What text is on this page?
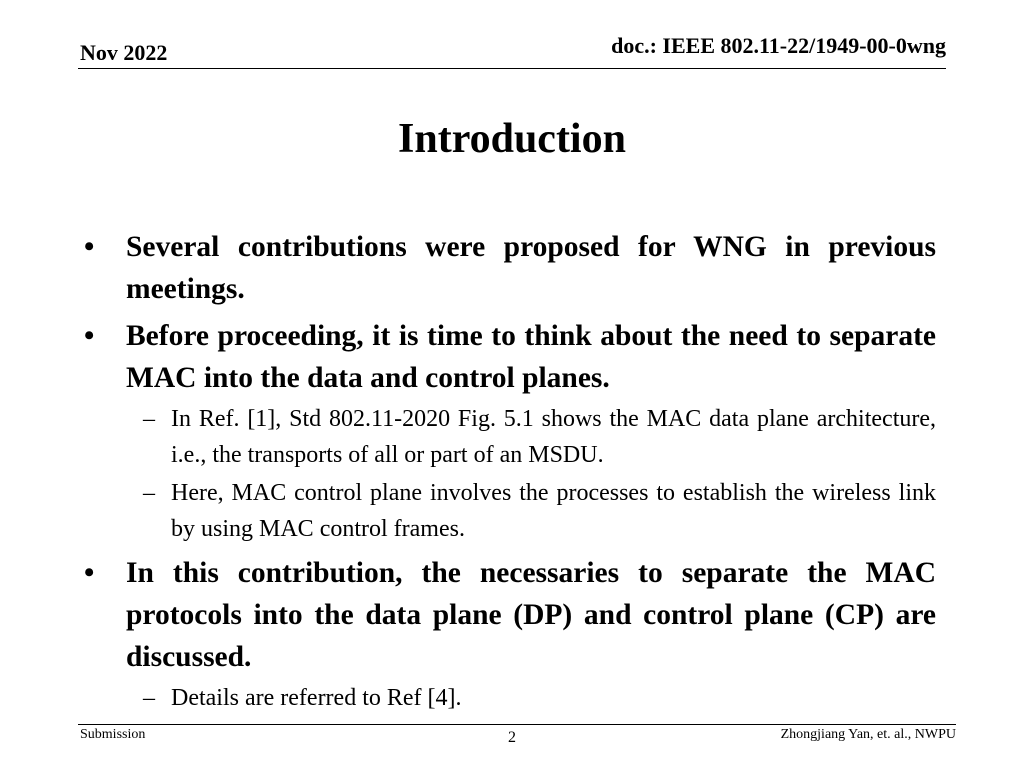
Nov 2022	doc.: IEEE 802.11-22/1949-00-0wng
Introduction
• Several contributions were proposed for WNG in previous meetings.
• Before proceeding, it is time to think about the need to separate MAC into the data and control planes.
– In Ref. [1], Std 802.11-2020 Fig. 5.1 shows the MAC data plane architecture, i.e., the transports of all or part of an MSDU.
– Here, MAC control plane involves the processes to establish the wireless link by using MAC control frames.
• In this contribution, the necessaries to separate the MAC protocols into the data plane (DP) and control plane (CP) are discussed.
– Details are referred to Ref [4].
Submission	2	Zhongjiang Yan, et. al., NWPU
